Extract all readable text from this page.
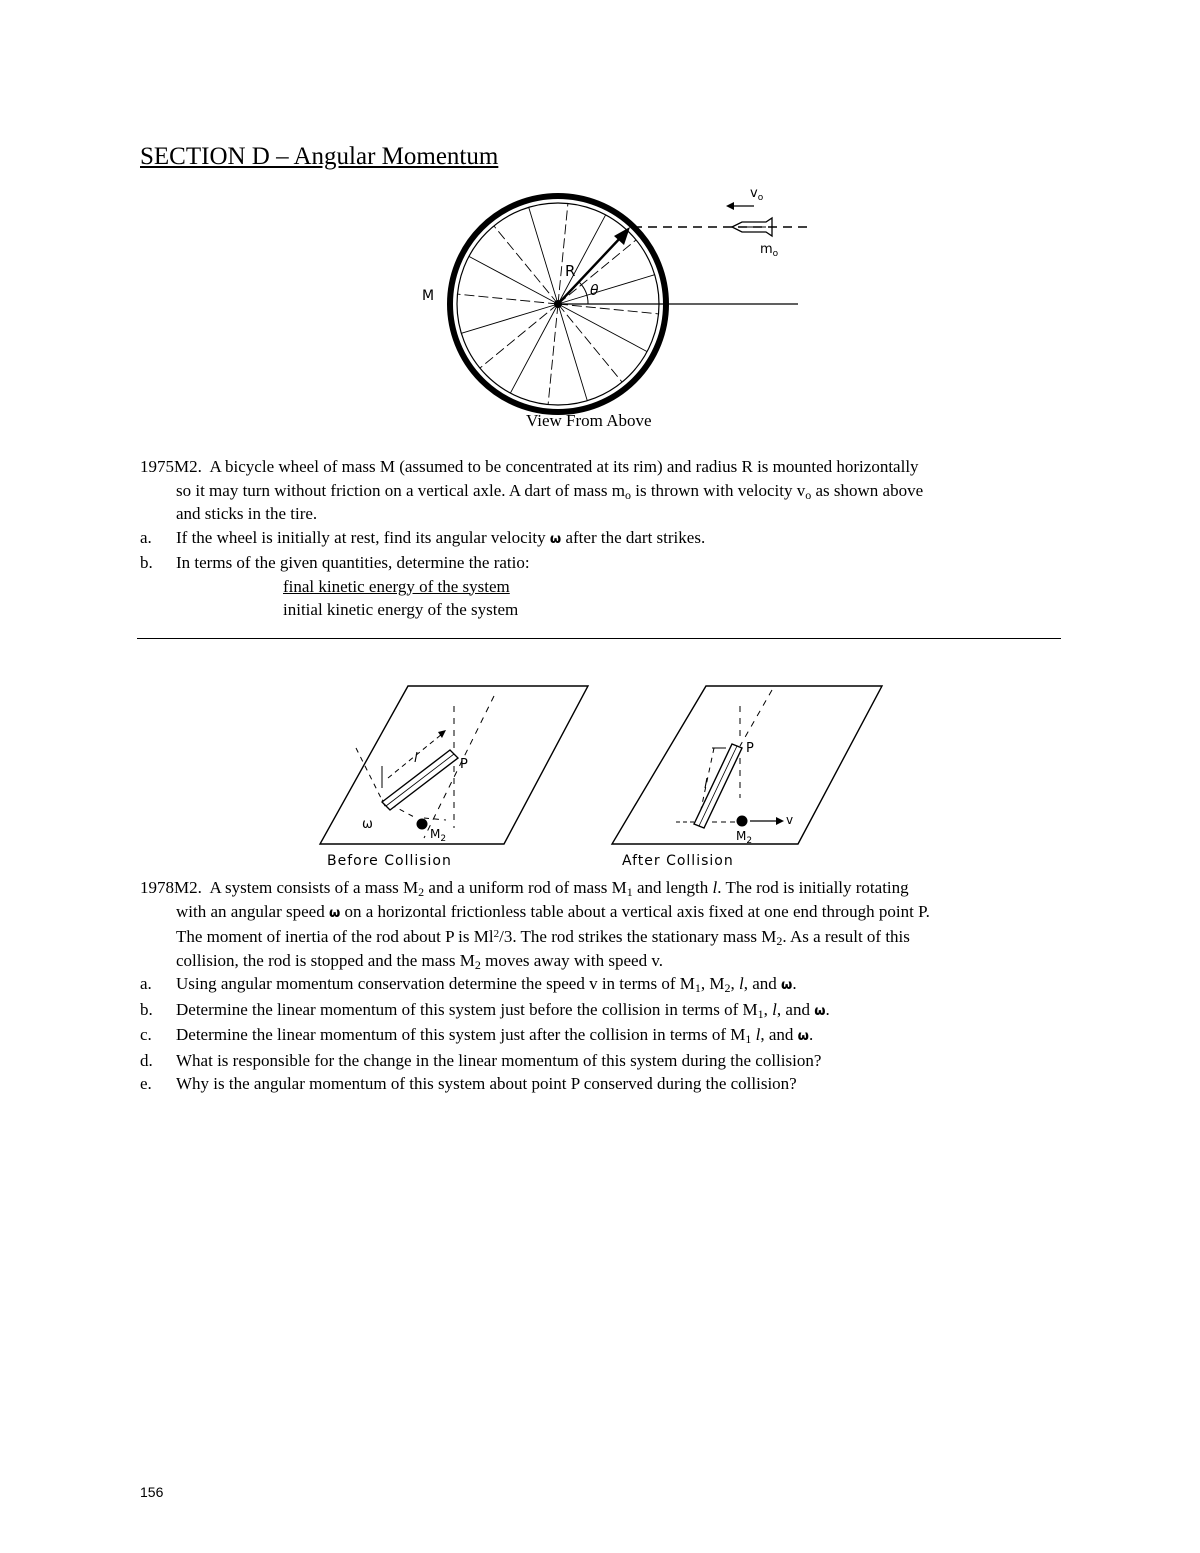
SECTION D – Angular Momentum
$v_o$
$m_o$
R
θ
M
View From Above
1975M2. A bicycle wheel of mass M (assumed to be concentrated at its rim) and radius R is mounted horizontally
so it may turn without friction on a vertical axle. A dart of mass $m_o$ is thrown with velocity $v_o$ as shown above
and sticks in the tire.
a. If the wheel is initially at rest, find its angular velocity ω after the dart strikes.
b. In terms of the given quantities, determine the ratio:
final kinetic energy of the system
initial kinetic energy of the system
ω
l	P
$M_2$
P
l
$M_2$
v
Before Collision	After Collision
1978M2. A system consists of a mass $M_2$ and a uniform rod of mass $M_1$ and length l. The rod is initially rotating
with an angular speed ω on a horizontal frictionless table about a vertical axis fixed at one end through point P.
The moment of inertia of the rod about P is Ml$^2$/3. The rod strikes the stationary mass $M_2$. As a result of this
collision, the rod is stopped and the mass $M_2$ moves away with speed v.
a. Using angular momentum conservation determine the speed v in terms of $M_1$, $M_2$, l, and ω.
b. Determine the linear momentum of this system just before the collision in terms of $M_1$, l, and ω.
c. Determine the linear momentum of this system just after the collision in terms of $M_1$ l, and ω.
d. What is responsible for the change in the linear momentum of this system during the collision?
e. Why is the angular momentum of this system about point P conserved during the collision?
156
